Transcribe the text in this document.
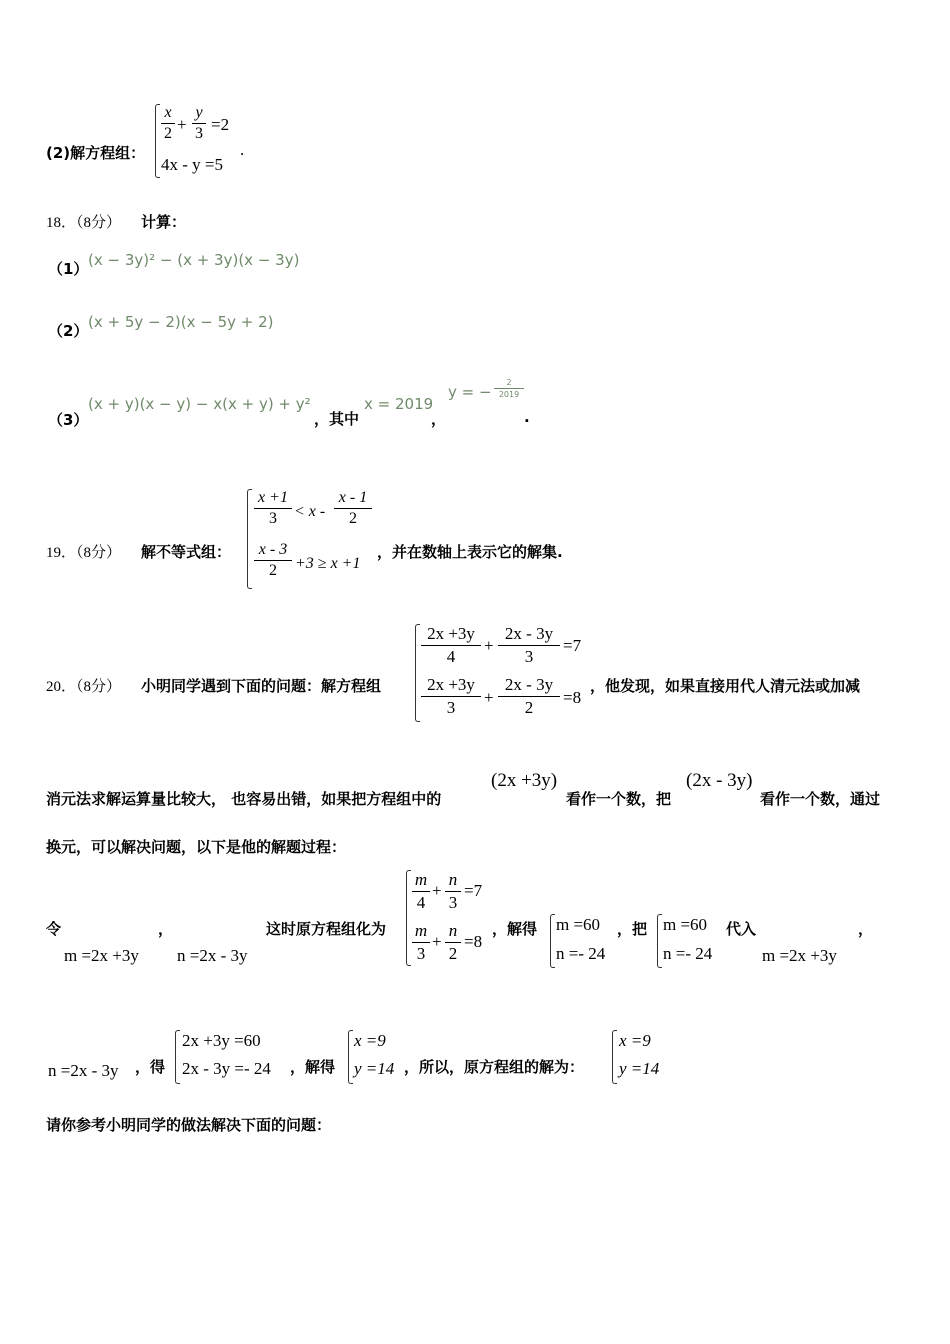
(2)解方程组：
x
2 +
y
3 =2
4x - y =5
.
18．（8分） 计算：
（1） (x − 3y)² − (x + 3y)(x − 3y)
（2） (x + 5y − 2)(x − 5y + 2)
（3）
(x + y)(x − y) − x(x + y) + y²
，其中
x = 2019
，
y = −
2
2019
.
19．（8分） 解不等式组：
x +1
3	< x -
x - 1
2
x - 3
2	+3 ≥ x +1
，并在数轴上表示它的解集.
20．（8分） 小明同学遇到下面的问题：解方程组
2x +3y
4
+
2x - 3y
3
=7
2x +3y
3
+
2x - 3y
2
=8
，他发现，如果直接用代人清元法或加减
消元法求解运算量比较大， 也容易出错，如果把方程组中的
(2x +3y)
看作一个数，把
(2x - 3y)
看作一个数，通过
换元，可以解决问题，以下是他的解题过程：
令	，
m =2x +3y n =2x - 3y
这时原方程组化为
m
4
+
n
3
=7
m
3
+
n
2
=8
，解得 m =60
n =- 24
，把 m =60
n =- 24
代入
m =2x +3y
，
n =2x - 3y ，得
2x +3y =60
2x - 3y =- 24 ，解得
x =9
y =14 ，所以，原方程组的解为：
x =9
y =14
请你参考小明同学的做法解决下面的问题：
